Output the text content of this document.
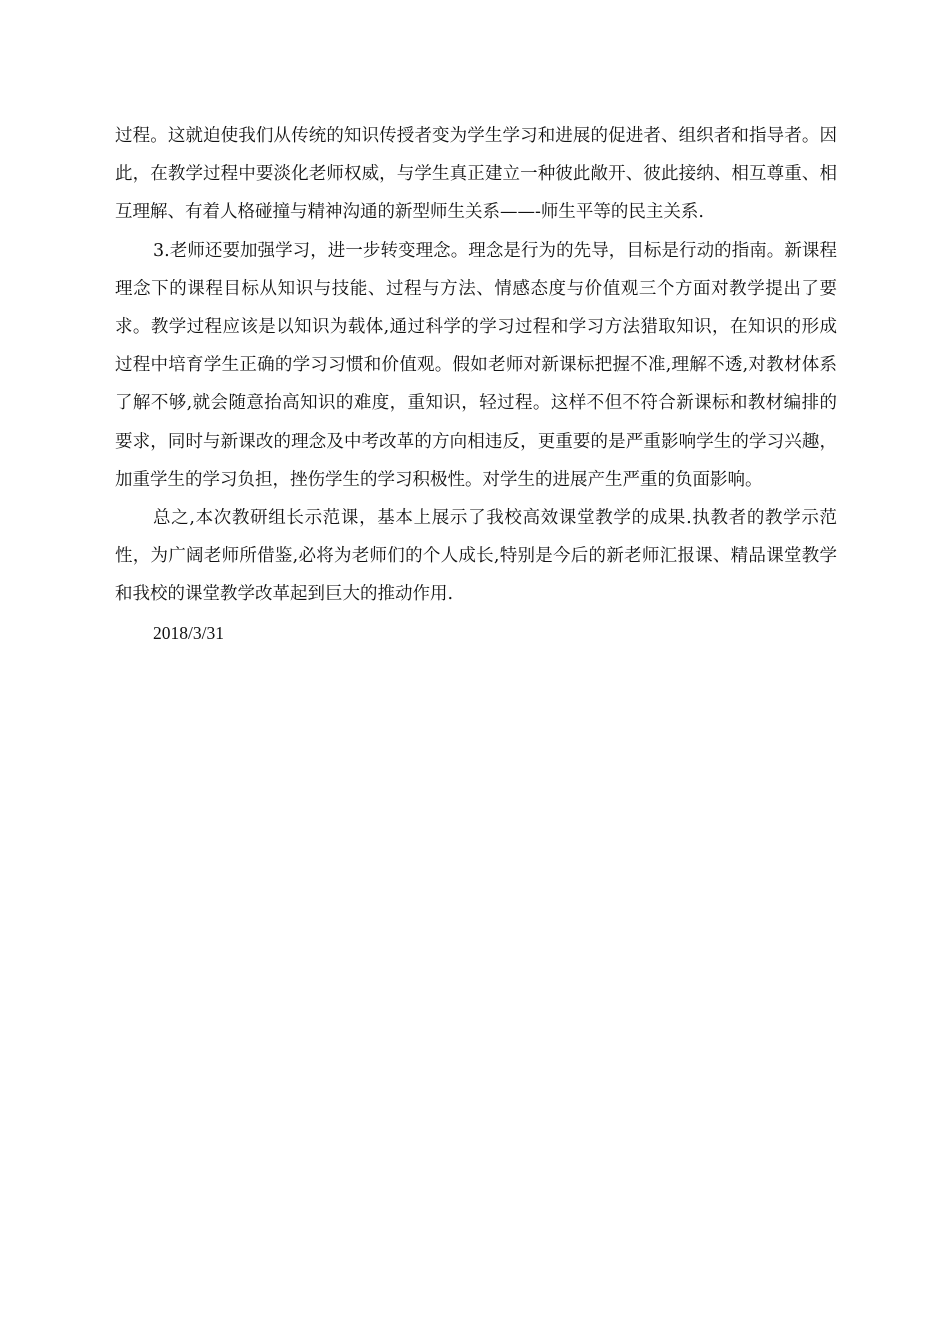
过程。这就迫使我们从传统的知识传授者变为学生学习和进展的促进者、组织者和指导者。因此，在教学过程中要淡化老师权威，与学生真正建立一种彼此敞开、彼此接纳、相互尊重、相互理解、有着人格碰撞与精神沟通的新型师生关系——-师生平等的民主关系.

3.老师还要加强学习，进一步转变理念。理念是行为的先导，目标是行动的指南。新课程理念下的课程目标从知识与技能、过程与方法、情感态度与价值观三个方面对教学提出了要求。教学过程应该是以知识为载体,通过科学的学习过程和学习方法猎取知识，在知识的形成过程中培育学生正确的学习习惯和价值观。假如老师对新课标把握不准,理解不透,对教材体系了解不够,就会随意抬高知识的难度，重知识，轻过程。这样不但不符合新课标和教材编排的要求，同时与新课改的理念及中考改革的方向相违反，更重要的是严重影响学生的学习兴趣，加重学生的学习负担，挫伤学生的学习积极性。对学生的进展产生严重的负面影响。

总之,本次教研组长示范课，基本上展示了我校高效课堂教学的成果.执教者的教学示范性，为广阔老师所借鉴,必将为老师们的个人成长,特别是今后的新老师汇报课、精品课堂教学和我校的课堂教学改革起到巨大的推动作用.

2018/3/31
